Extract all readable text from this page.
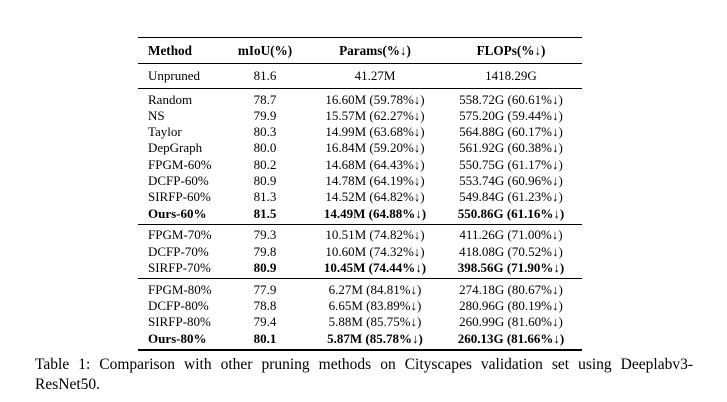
Method	mIoU(%)	Params(%↓)	FLOPs(%↓)
Unpruned	81.6	41.27M	1418.29G
Random	78.7	16.60M (59.78%↓)	558.72G (60.61%↓)
NS	79.9	15.57M (62.27%↓)	575.20G (59.44%↓)
Taylor	80.3	14.99M (63.68%↓)	564.88G (60.17%↓)
DepGraph	80.0	16.84M (59.20%↓)	561.92G (60.38%↓)
FPGM-60%	80.2	14.68M (64.43%↓)	550.75G (61.17%↓)
DCFP-60%	80.9	14.78M (64.19%↓)	553.74G (60.96%↓)
SIRFP-60%	81.3	14.52M (64.82%↓)	549.84G (61.23%↓)
Ours-60%	81.5	14.49M (64.88%↓)	550.86G (61.16%↓)
FPGM-70%	79.3	10.51M (74.82%↓)	411.26G (71.00%↓)
DCFP-70%	79.8	10.60M (74.32%↓)	418.08G (70.52%↓)
SIRFP-70%	80.9	10.45M (74.44%↓)	398.56G (71.90%↓)
FPGM-80%	77.9	6.27M (84.81%↓)	274.18G (80.67%↓)
DCFP-80%	78.8	6.65M (83.89%↓)	280.96G (80.19%↓)
SIRFP-80%	79.4	5.88M (85.75%↓)	260.99G (81.60%↓)
Ours-80%	80.1	5.87M (85.78%↓)	260.13G (81.66%↓)

Table 1: Comparison with other pruning methods on Cityscapes validation set using Deeplabv3-ResNet50.
